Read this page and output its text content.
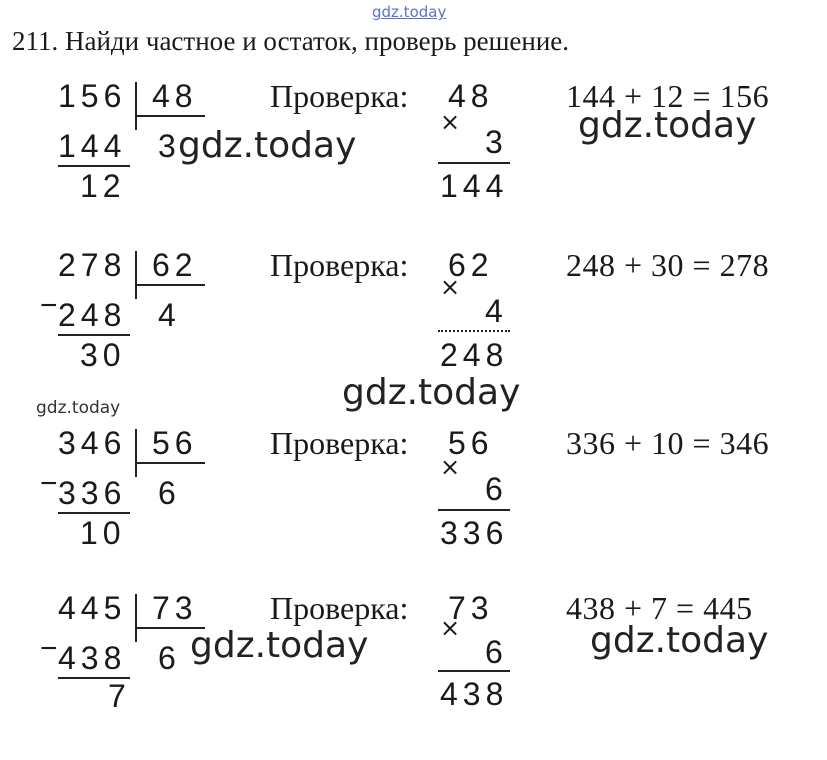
gdz.today
211. Найди частное и остаток, проверь решение.
156 48
144 3
12
Проверка: 48
×
3
144
144 + 12 = 156
278 62
− 248 4
30
Проверка: 62
×
4
248
248 + 30 = 278
346 56
− 336 6
10
Проверка: 56
×
6
336
336 + 10 = 346
445 73
− 438 6
7
Проверка: 73
×
6
438
438 + 7 = 445
gdz.today	gdz.today
gdz.today
gdz.today
gdz.today	gdz.today
